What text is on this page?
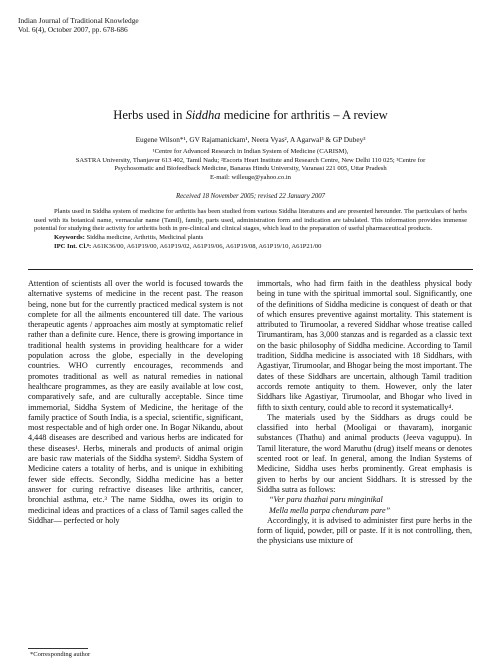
Indian Journal of Traditional Knowledge
Vol. 6(4), October 2007, pp. 678-686
Herbs used in Siddha medicine for arthritis – A review
Eugene Wilson*¹, GV Rajamanickam¹, Neera Vyas², A Agarwal³ & GP Dubey³
¹Centre for Advanced Research in Indian System of Medicine (CARISM),
SASTRA University, Thanjavur 613 402, Tamil Nadu; ²Escorts Heart Institute and Research Centre, New Delhi 110 025; ³Centre for
Psychosomatic and Biofeedback Medicine, Banaras Hindu University, Varanasi 221 005, Uttar Pradesh
E-mail: willeuge@yahoo.co.in
Received 18 November 2005; revised 22 January 2007

Plants used in Siddha system of medicine for arthritis has been studied from various Siddha literatures and are presented hereunder. The particulars of herbs used with its botanical name, vernacular name (Tamil), family, parts used, administration form and indication are tabulated. This information provides immense potential for studying their activity for arthritis both in pre-clinical and clinical stages, which lead to the preparation of useful pharmaceutical products.

Keywords: Siddha medicine, Arthritis, Medicinal plants

IPC Int. Cl.⁸: A61K36/00, A61P19/00, A61P19/02, A61P19/06, A61P19/08, A61P19/10, A61P21/00

Attention of scientists all over the world is focused towards the alternative systems of medicine in the recent past. The reason being, none but for the currently practiced medical system is not complete for all the ailments encountered till date. The various therapeutic agents / approaches aim mostly at symptomatic relief rather than a definite cure. Hence, there is growing importance in traditional health systems in providing healthcare for a wider population across the globe, especially in the developing countries. WHO currently encourages, recommends and promotes traditional as well as natural remedies in national healthcare programmes, as they are easily available at low cost, comparatively safe, and are culturally acceptable. Since time immemorial, Siddha System of Medicine, the heritage of the family practice of South India, is a special, scientific, significant, most respectable and of high order one. In Bogar Nikandu, about 4,448 diseases are described and various herbs are indicated for these diseases¹. Herbs, minerals and products of animal origin are basic raw materials of the Siddha system². Siddha System of Medicine caters a totality of herbs, and is unique in exhibiting fewer side effects. Secondly, Siddha medicine has a better answer for curing refractive diseases like arthritis, cancer, bronchial asthma, etc.³ The name Siddha, owes its origin to medicinal ideas and practices of a class of Tamil sages called the Siddhar— perfected or holy

immortals, who had firm faith in the deathless physical body being in tune with the spiritual immortal soul. Significantly, one of the definitions of Siddha medicine is conquest of death or that of which ensures preventive against mortality. This statement is attributed to Tirumoolar, a revered Siddhar whose treatise called Tirumantiram, has 3,000 stanzas and is regarded as a classic text on the basic philosophy of Siddha medicine. According to Tamil tradition, Siddha medicine is associated with 18 Siddhars, with Agastiyar, Tirumoolar, and Bhogar being the most important. The dates of these Siddhars are uncertain, although Tamil tradition accords remote antiquity to them. However, only the later Siddhars like Agastiyar, Tirumoolar, and Bhogar who lived in fifth to sixth century, could able to record it systematically⁴.

The materials used by the Siddhars as drugs could be classified into herbal (Mooligai or thavaram), inorganic substances (Thathu) and animal products (Jeeva vaguppu). In Tamil literature, the word Maruthu (drug) itself means or denotes scented root or leaf. In general, among the Indian Systems of Medicine, Siddha uses herbs prominently. Great emphasis is given to herbs by our ancient Siddhars. It is stressed by the Siddha sutra as follows:

“Ver paru thazhai paru minginikal

Mella mella parpa chenduram pare”

Accordingly, it is advised to administer first pure herbs in the form of liquid, powder, pill or paste. If it is not controlling, then, the physicians use mixture of

*Corresponding author
